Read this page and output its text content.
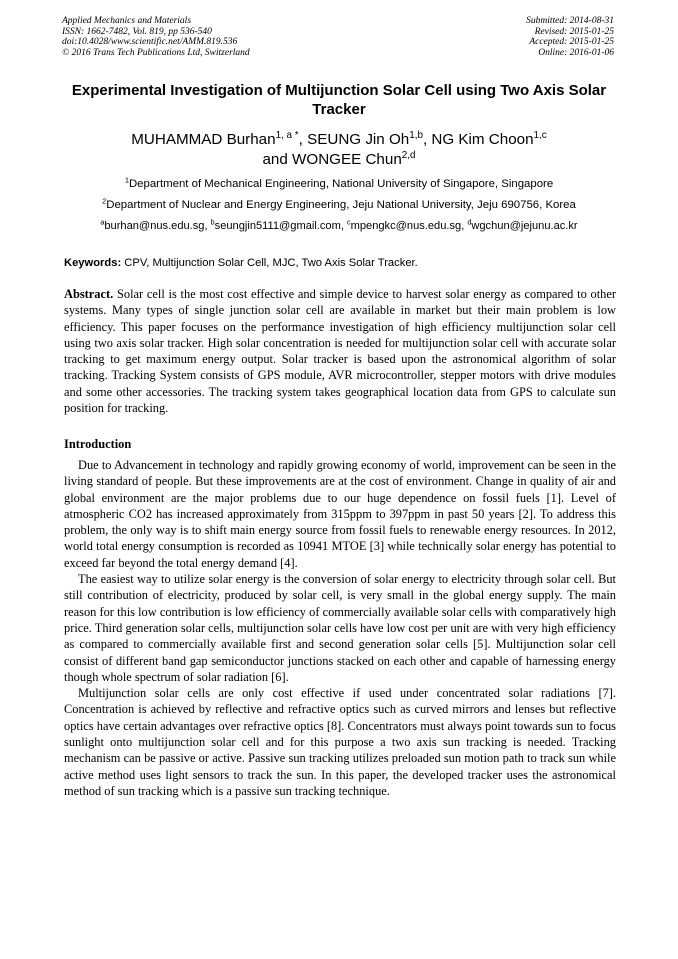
Applied Mechanics and Materials
ISSN: 1662-7482, Vol. 819, pp 536-540
doi:10.4028/www.scientific.net/AMM.819.536
© 2016 Trans Tech Publications Ltd, Switzerland
Submitted: 2014-08-31
Revised: 2015-01-25
Accepted: 2015-01-25
Online: 2016-01-06
Experimental Investigation of Multijunction Solar Cell using Two Axis Solar Tracker
MUHAMMAD Burhan$^{1, a *}$, SEUNG Jin Oh$^{1,b}$, NG Kim Choon$^{1,c}$
and WONGEE Chun$^{2,d}$
$^1$Department of Mechanical Engineering, National University of Singapore, Singapore
$^2$Department of Nuclear and Energy Engineering, Jeju National University, Jeju 690756, Korea
$^a$burhan@nus.edu.sg, $^b$seungjin5111@gmail.com, $^c$mpengkc@nus.edu.sg, $^d$wgchun@jejunu.ac.kr
Keywords: CPV, Multijunction Solar Cell, MJC, Two Axis Solar Tracker.
Abstract. Solar cell is the most cost effective and simple device to harvest solar energy as compared to other systems. Many types of single junction solar cell are available in market but their main problem is low efficiency. This paper focuses on the performance investigation of high efficiency multijunction solar cell using two axis solar tracker. High solar concentration is needed for multijunction solar cell with accurate solar tracking to get maximum energy output. Solar tracker is based upon the astronomical algorithm of solar tracking. Tracking System consists of GPS module, AVR microcontroller, stepper motors with drive modules and some other accessories. The tracking system takes geographical location data from GPS to calculate sun position for tracking.
Introduction

Due to Advancement in technology and rapidly growing economy of world, improvement can be seen in the living standard of people. But these improvements are at the cost of environment. Change in quality of air and global environment are the major problems due to our huge dependence on fossil fuels [1]. Level of atmospheric CO2 has increased approximately from 315ppm to 397ppm in past 50 years [2]. To address this problem, the only way is to shift main energy source from fossil fuels to renewable energy resources. In 2012, world total energy consumption is recorded as 10941 MTOE [3] while technically solar energy has potential to exceed far beyond the total energy demand [4].

The easiest way to utilize solar energy is the conversion of solar energy to electricity through solar cell. But still contribution of electricity, produced by solar cell, is very small in the global energy supply. The main reason for this low contribution is low efficiency of commercially available solar cells with comparatively high price. Third generation solar cells, multijunction solar cells have low cost per unit are with very high efficiency as compared to commercially available first and second generation solar cells [5]. Multijunction solar cell consist of different band gap semiconductor junctions stacked on each other and capable of harnessing energy though whole spectrum of solar radiation [6].

Multijunction solar cells are only cost effective if used under concentrated solar radiations [7]. Concentration is achieved by reflective and refractive optics such as curved mirrors and lenses but reflective optics have certain advantages over refractive optics [8]. Concentrators must always point towards sun to focus sunlight onto multijunction solar cell and for this purpose a two axis sun tracking is needed. Tracking mechanism can be passive or active. Passive sun tracking utilizes preloaded sun motion path to track sun while active method uses light sensors to track the sun. In this paper, the developed tracker uses the astronomical method of sun tracking which is a passive sun tracking technique.
